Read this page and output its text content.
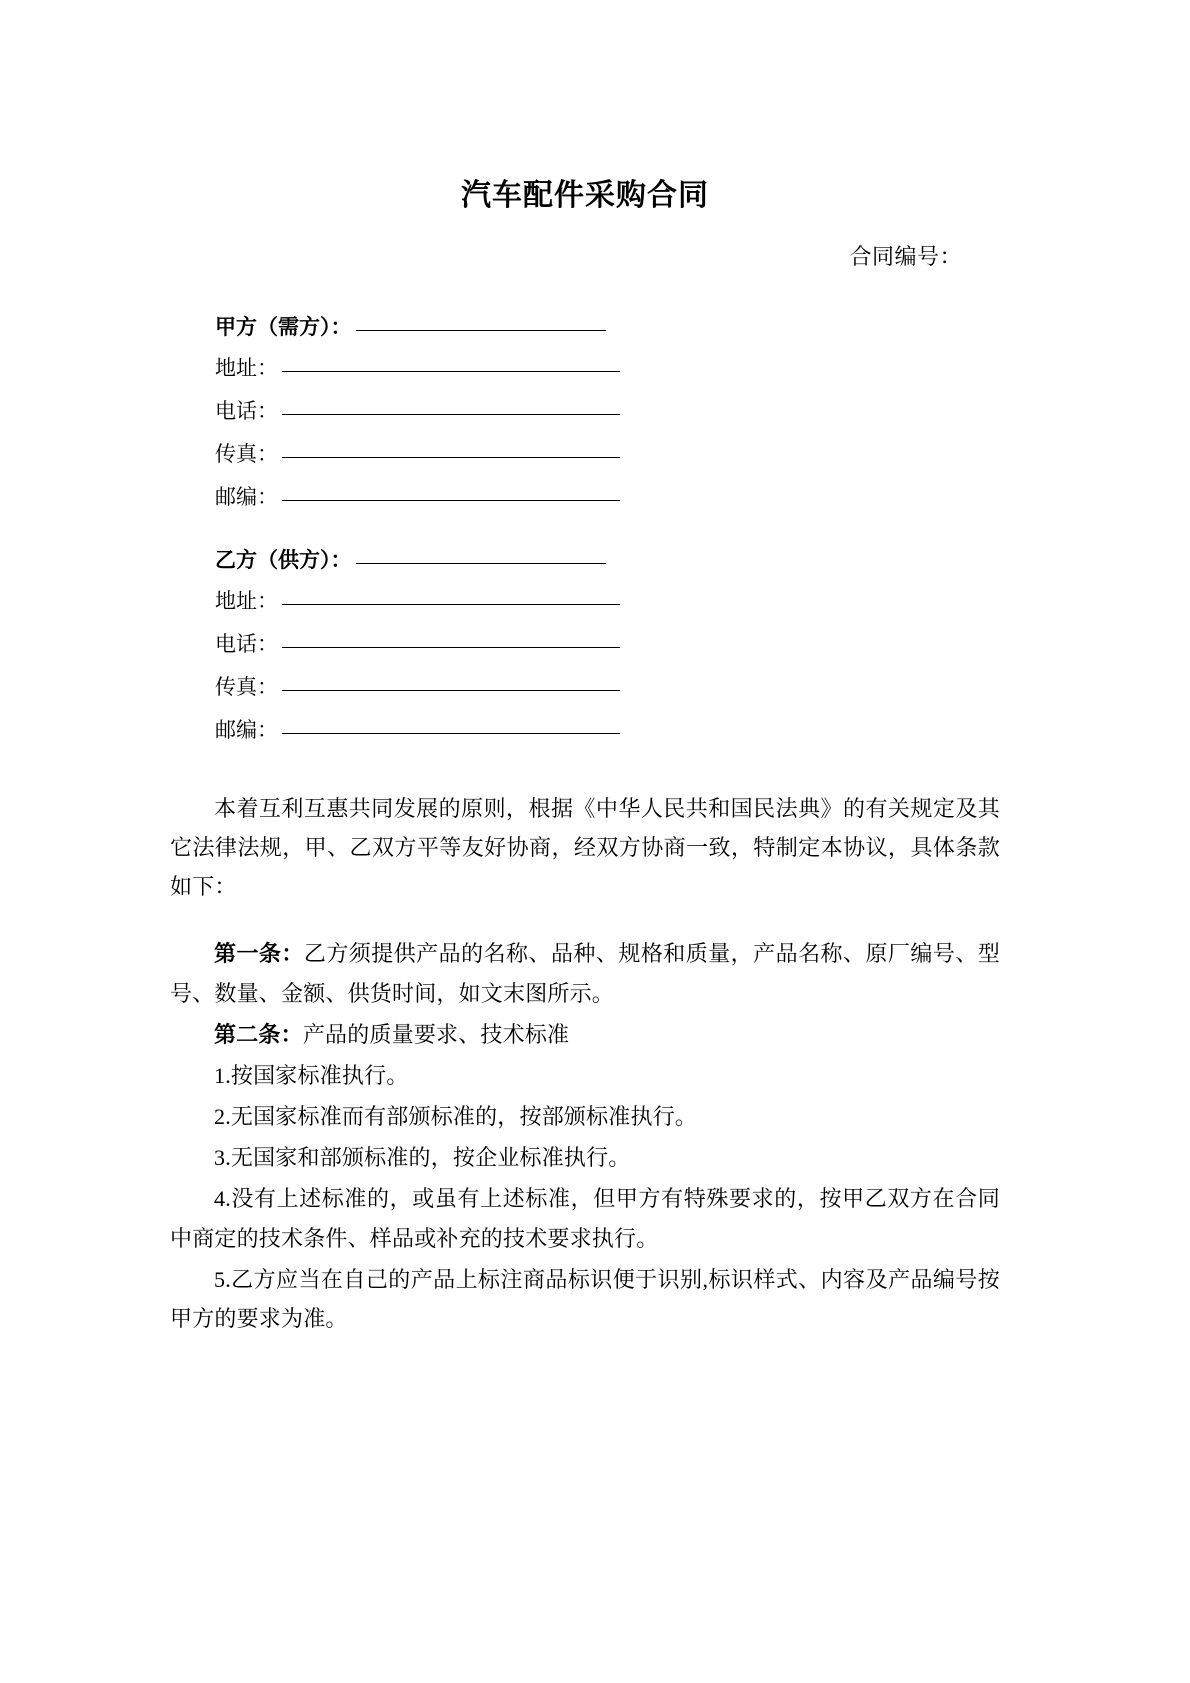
汽车配件采购合同
合同编号：
甲方（需方）：
地址：
电话：
传真：
邮编：
乙方（供方）：
地址：
电话：
传真：
邮编：

本着互利互惠共同发展的原则，根据《中华人民共和国民法典》的有关规定及其它法律法规，甲、乙双方平等友好协商，经双方协商一致，特制定本协议，具体条款如下：

第一条：乙方须提供产品的名称、品种、规格和质量，产品名称、原厂编号、型号、数量、金额、供货时间，如文末图所示。

第二条：产品的质量要求、技术标准

1.按国家标准执行。

2.无国家标准而有部颁标准的，按部颁标准执行。

3.无国家和部颁标准的，按企业标准执行。

4.没有上述标准的，或虽有上述标准，但甲方有特殊要求的，按甲乙双方在合同中商定的技术条件、样品或补充的技术要求执行。

5.乙方应当在自己的产品上标注商品标识便于识别,标识样式、内容及产品编号按甲方的要求为准。
